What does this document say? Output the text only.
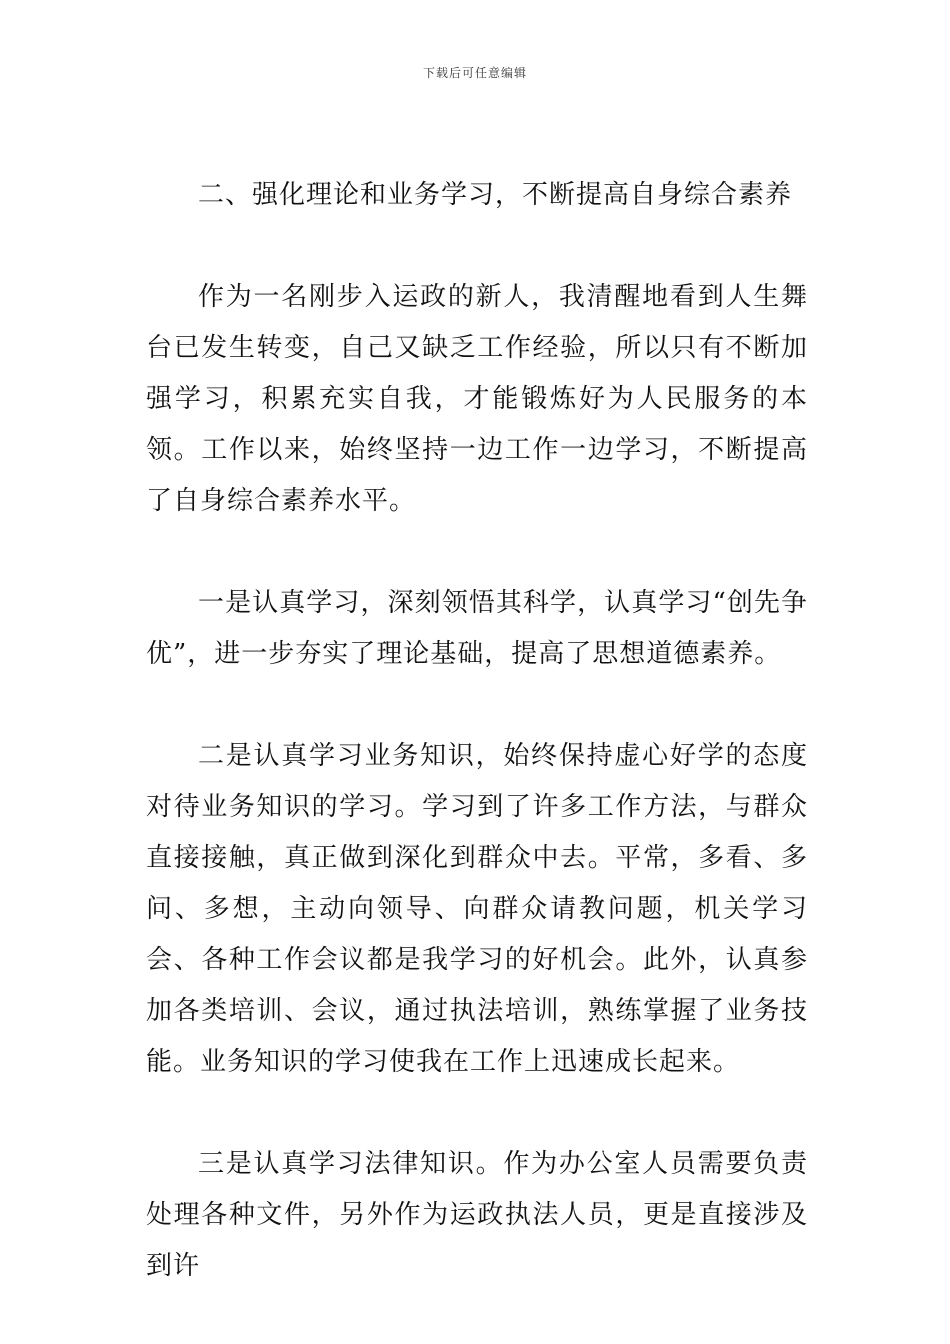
下载后可任意编辑

二、强化理论和业务学习，不断提高自身综合素养

作为一名刚步入运政的新人，我清醒地看到人生舞台已发生转变，自己又缺乏工作经验，所以只有不断加强学习，积累充实自我，才能锻炼好为人民服务的本领。工作以来，始终坚持一边工作一边学习，不断提高了自身综合素养水平。

一是认真学习，深刻领悟其科学，认真学习“创先争优”，进一步夯实了理论基础，提高了思想道德素养。

二是认真学习业务知识，始终保持虚心好学的态度对待业务知识的学习。学习到了许多工作方法，与群众直接接触，真正做到深化到群众中去。平常，多看、多问、多想，主动向领导、向群众请教问题，机关学习会、各种工作会议都是我学习的好机会。此外，认真参加各类培训、会议，通过执法培训，熟练掌握了业务技能。业务知识的学习使我在工作上迅速成长起来。

三是认真学习法律知识。作为办公室人员需要负责处理各种文件，另外作为运政执法人员，更是直接涉及到许
